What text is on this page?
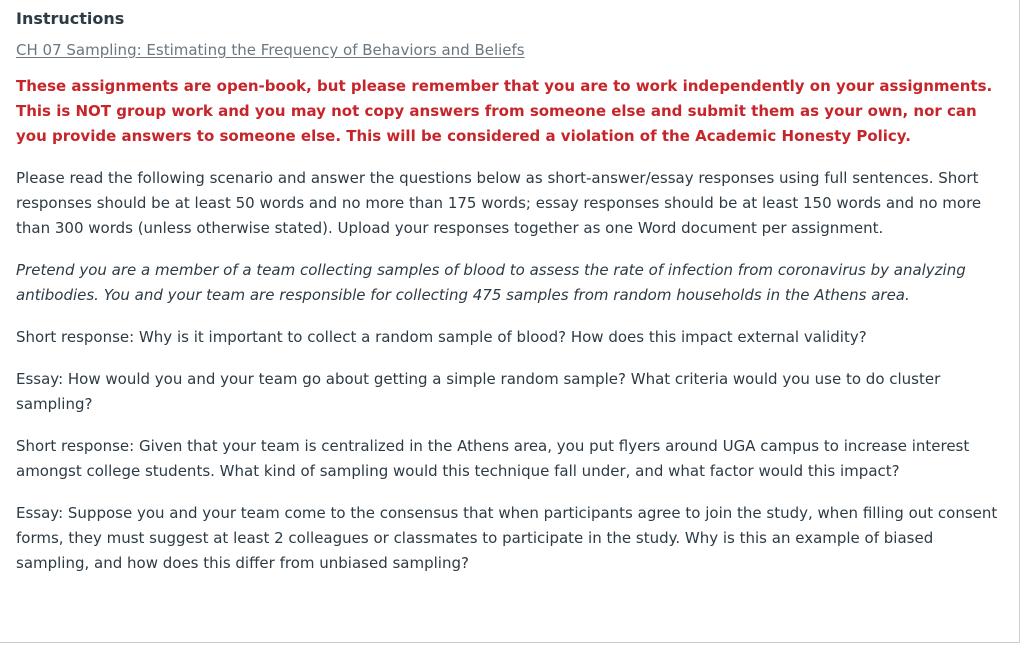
Instructions
CH 07 Sampling: Estimating the Frequency of Behaviors and Beliefs

These assignments are open-book, but please remember that you are to work independently on your assignments. This is NOT group work and you may not copy answers from someone else and submit them as your own, nor can you provide answers to someone else. This will be considered a violation of the Academic Honesty Policy.

Please read the following scenario and answer the questions below as short-answer/essay responses using full sentences. Short responses should be at least 50 words and no more than 175 words; essay responses should be at least 150 words and no more than 300 words (unless otherwise stated). Upload your responses together as one Word document per assignment.

Pretend you are a member of a team collecting samples of blood to assess the rate of infection from coronavirus by analyzing antibodies. You and your team are responsible for collecting 475 samples from random households in the Athens area.

Short response: Why is it important to collect a random sample of blood? How does this impact external validity?

Essay: How would you and your team go about getting a simple random sample? What criteria would you use to do cluster sampling?

Short response: Given that your team is centralized in the Athens area, you put flyers around UGA campus to increase interest amongst college students. What kind of sampling would this technique fall under, and what factor would this impact?

Essay: Suppose you and your team come to the consensus that when participants agree to join the study, when filling out consent forms, they must suggest at least 2 colleagues or classmates to participate in the study. Why is this an example of biased sampling, and how does this differ from unbiased sampling?
